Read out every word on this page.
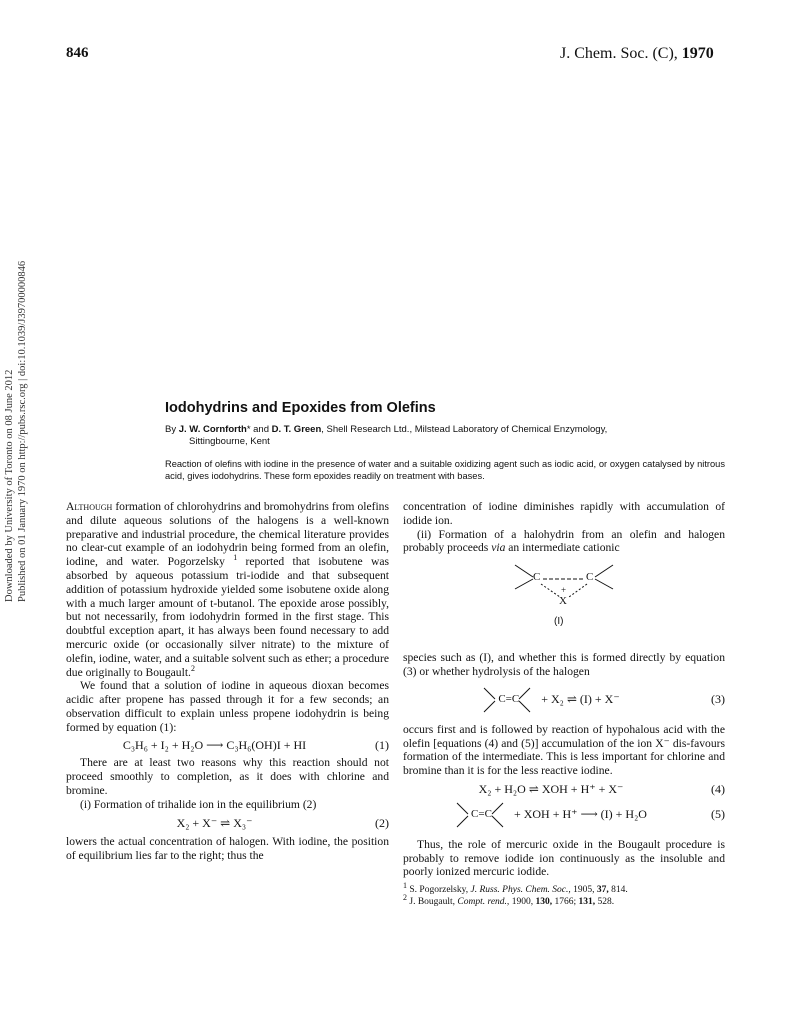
846	J. Chem. Soc. (C), 1970
Downloaded by University of Toronto on 08 June 2012 Published on 01 January 1970 on http://pubs.rsc.org | doi:10.1039/J39700000846	Iodohydrins and Epoxides from Olefins
By J. W. Cornforth* and D. T. Green, Shell Research Ltd., Milstead Laboratory of Chemical Enzymology,
Sittingbourne, Kent
Reaction of olefins with iodine in the presence of water and a suitable oxidizing agent such as iodic acid, or oxygen catalysed by nitrous acid, gives iodohydrins. These form epoxides readily on treatment with bases.

Although formation of chlorohydrins and bromohydrins from olefins and dilute aqueous solutions of the halogens is a well-known preparative and industrial procedure, the chemical literature provides no clear-cut example of an iodohydrin being formed from an olefin, iodine, and water. Pogorzelsky $^1$ reported that isobutene was absorbed by aqueous potassium tri-iodide and that subsequent addition of potassium hydroxide yielded some isobutene oxide along with a much larger amount of t-butanol. The epoxide arose possibly, but not necessarily, from iodohydrin formed in the first stage. This doubtful exception apart, it has always been found necessary to add mercuric oxide (or occasionally silver nitrate) to the mixture of olefin, iodine, water, and a suitable solvent such as ether; a procedure due originally to Bougault.$^2$

We found that a solution of iodine in aqueous dioxan becomes acidic after propene has passed through it for a few seconds; an observation difficult to explain unless propene iodohydrin is being formed by equation (1):

C₃H₆ + I₂ + H₂O ⟶ C₃H₆(OH)I + HI	(1)

There are at least two reasons why this reaction should not proceed smoothly to completion, as it does with chlorine and bromine.

(i) Formation of trihalide ion in the equilibrium (2)

X₂ + X⁻ ⇌ X₃⁻	(2)

lowers the actual concentration of halogen. With iodine, the position of equilibrium lies far to the right; thus the

concentration of iodine diminishes rapidly with accumulation of iodide ion.

(ii) Formation of a halohydrin from an olefin and halogen probably proceeds via an intermediate cationic

C	C
+
X
(I)

species such as (I), and whether this is formed directly by equation (3) or whether hydrolysis of the halogen

C=C + X₂ ⇌ (I) + X⁻	(3)

occurs first and is followed by reaction of hypohalous acid with the olefin [equations (4) and (5)] accumulation of the ion X⁻ dis-favours formation of the intermediate. This is less important for chlorine and bromine than it is for the less reactive iodine.

X₂ + H₂O ⇌ XOH + H⁺ + X⁻	(4)
C=C + XOH + H⁺ ⟶ (I) + H₂O	(5)

Thus, the role of mercuric oxide in the Bougault procedure is probably to remove iodide ion continuously as the insoluble and poorly ionized mercuric iodide.

$^1$ S. Pogorzelsky, J. Russ. Phys. Chem. Soc., 1905, 37, 814.
$^2$ J. Bougault, Compt. rend., 1900, 130, 1766; 131, 528.
